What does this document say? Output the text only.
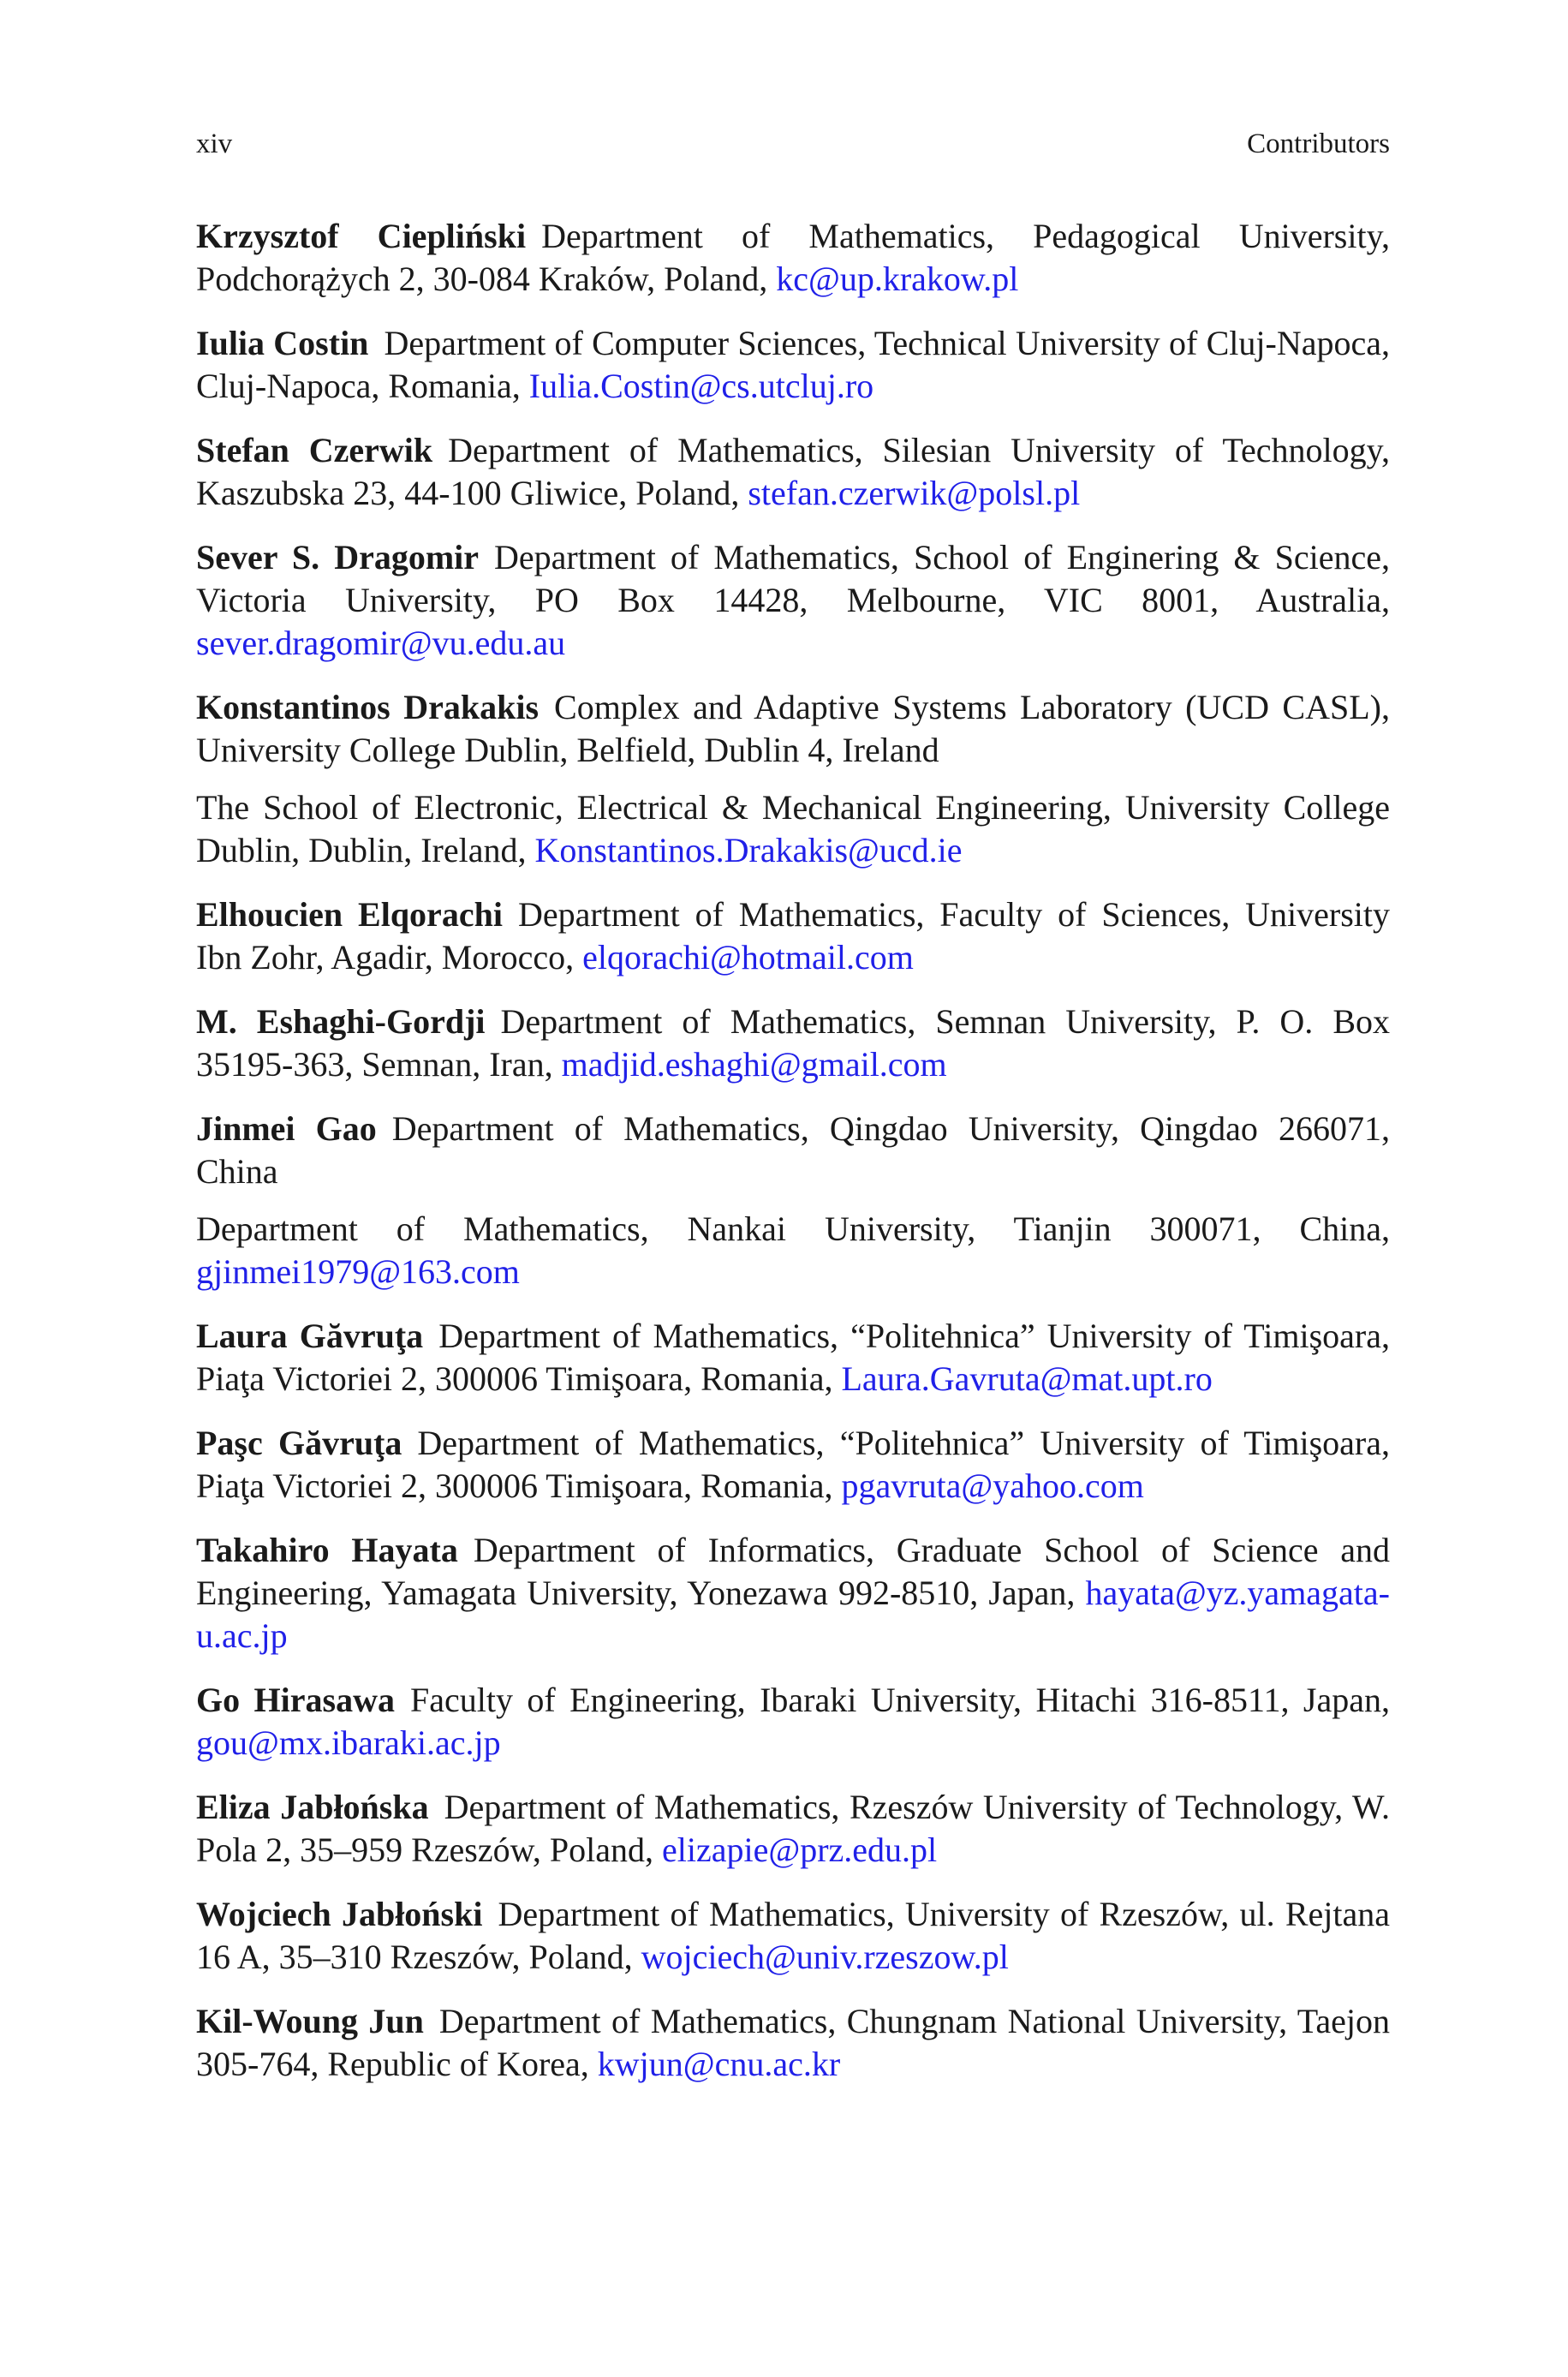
xiv	Contributors

Krzysztof Ciepliński Department of Mathematics, Pedagogical University, Podchorążych 2, 30-084 Kraków, Poland, kc@up.krakow.pl

Iulia Costin Department of Computer Sciences, Technical University of Cluj-Napoca, Cluj-Napoca, Romania, Iulia.Costin@cs.utcluj.ro

Stefan Czerwik Department of Mathematics, Silesian University of Technology, Kaszubska 23, 44-100 Gliwice, Poland, stefan.czerwik@polsl.pl

Sever S. Dragomir Department of Mathematics, School of Enginering & Science, Victoria University, PO Box 14428, Melbourne, VIC 8001, Australia, sever.dragomir@vu.edu.au

Konstantinos Drakakis Complex and Adaptive Systems Laboratory (UCD CASL), University College Dublin, Belfield, Dublin 4, Ireland

The School of Electronic, Electrical & Mechanical Engineering, University College Dublin, Dublin, Ireland, Konstantinos.Drakakis@ucd.ie

Elhoucien Elqorachi Department of Mathematics, Faculty of Sciences, University Ibn Zohr, Agadir, Morocco, elqorachi@hotmail.com

M. Eshaghi-Gordji Department of Mathematics, Semnan University, P. O. Box 35195-363, Semnan, Iran, madjid.eshaghi@gmail.com

Jinmei Gao Department of Mathematics, Qingdao University, Qingdao 266071, China

Department of Mathematics, Nankai University, Tianjin 300071, China, gjinmei1979@163.com

Laura Găvruţa Department of Mathematics, “Politehnica” University of Timişoara, Piaţa Victoriei 2, 300006 Timişoara, Romania, Laura.Gavruta@mat.upt.ro

Paşc Găvruţa Department of Mathematics, “Politehnica” University of Timişoara, Piaţa Victoriei 2, 300006 Timişoara, Romania, pgavruta@yahoo.com

Takahiro Hayata Department of Informatics, Graduate School of Science and Engineering, Yamagata University, Yonezawa 992-8510, Japan, hayata@yz.yamagata-u.ac.jp

Go Hirasawa Faculty of Engineering, Ibaraki University, Hitachi 316-8511, Japan, gou@mx.ibaraki.ac.jp

Eliza Jabłońska Department of Mathematics, Rzeszów University of Technology, W. Pola 2, 35–959 Rzeszów, Poland, elizapie@prz.edu.pl

Wojciech Jabłoński Department of Mathematics, University of Rzeszów, ul. Rejtana 16 A, 35–310 Rzeszów, Poland, wojciech@univ.rzeszow.pl

Kil-Woung Jun Department of Mathematics, Chungnam National University, Taejon 305-764, Republic of Korea, kwjun@cnu.ac.kr
